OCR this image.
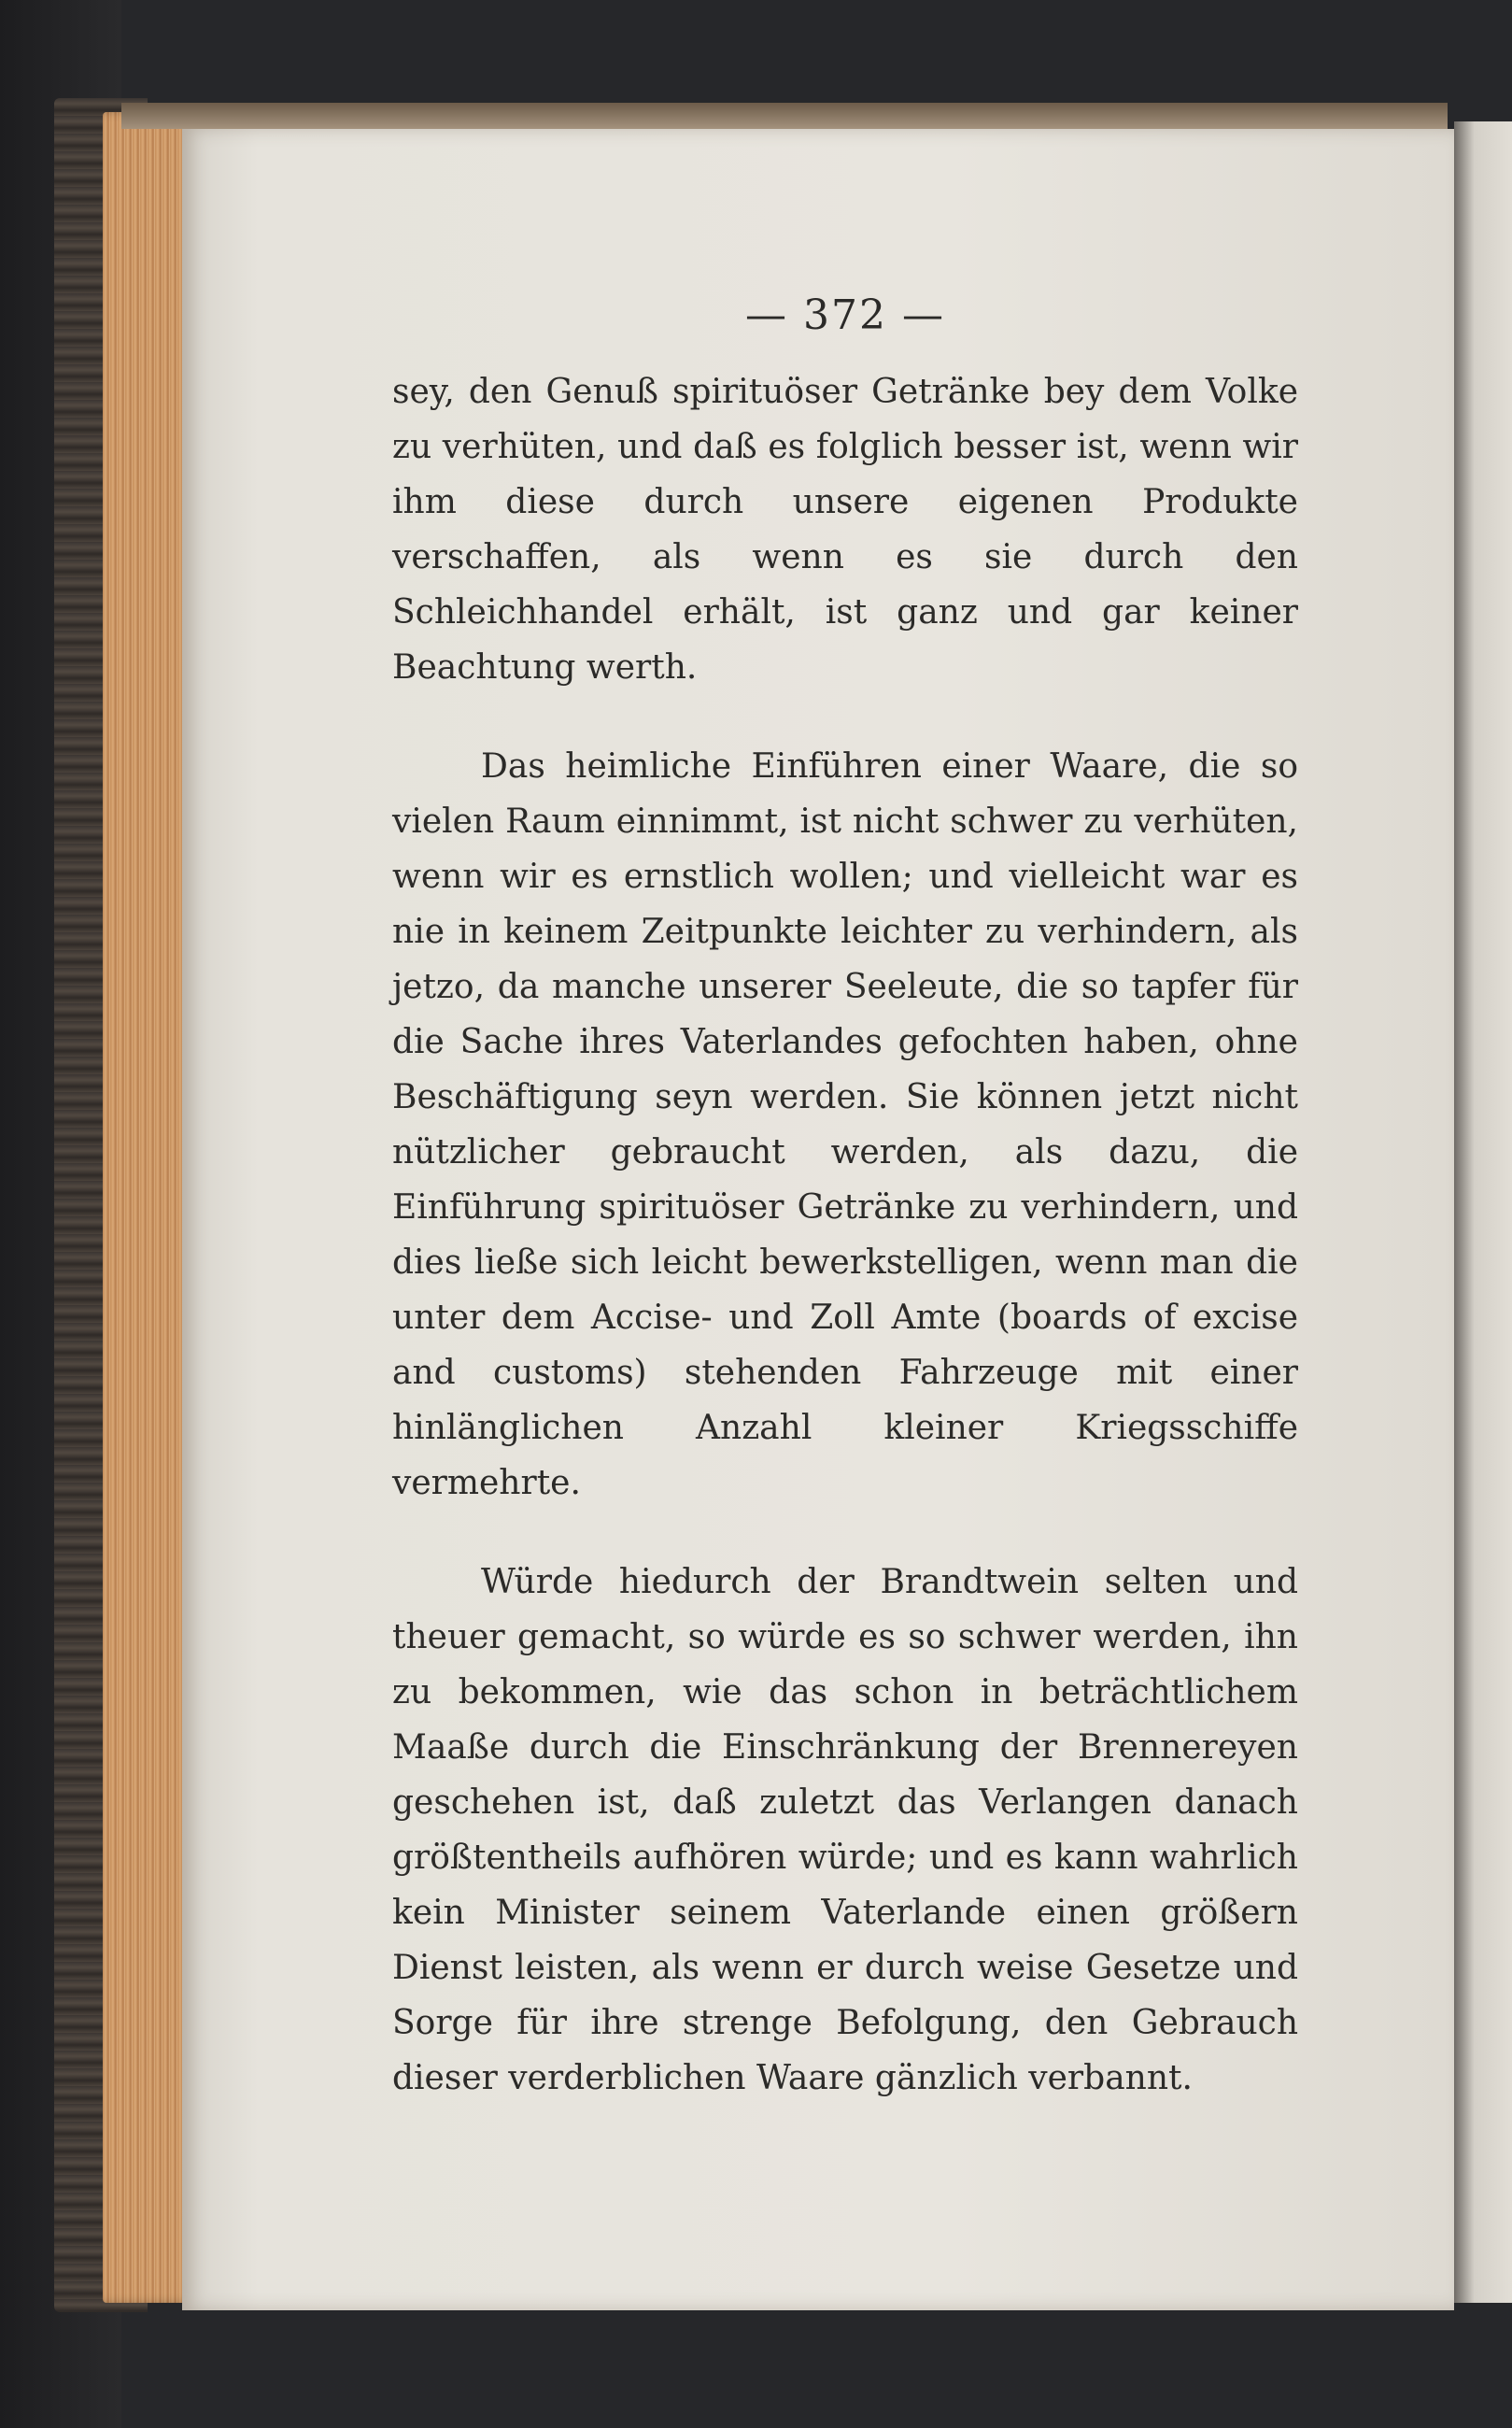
— 372 —

sey, den Genuß spirituöser Getränke bey dem Volke zu verhüten, und daß es folglich besser ist, wenn wir ihm diese durch unsere eigenen Produkte verschaffen, als wenn es sie durch den Schleichhandel erhält, ist ganz und gar keiner Beachtung werth.

Das heimliche Einführen einer Waare, die so vielen Raum einnimmt, ist nicht schwer zu verhüten, wenn wir es ernstlich wollen; und vielleicht war es nie in keinem Zeitpunkte leichter zu verhindern, als jetzo, da manche unserer Seeleute, die so tapfer für die Sache ihres Vaterlandes gefochten haben, ohne Beschäftigung seyn werden. Sie können jetzt nicht nützlicher gebraucht werden, als dazu, die Einführung spirituöser Getränke zu verhindern, und dies ließe sich leicht bewerkstelligen, wenn man die unter dem Accise- und Zoll Amte (boards of excise and customs) stehenden Fahrzeuge mit einer hinlänglichen Anzahl kleiner Kriegsschiffe vermehrte.

Würde hiedurch der Brandtwein selten und theuer gemacht, so würde es so schwer werden, ihn zu bekommen, wie das schon in beträchtlichem Maaße durch die Einschränkung der Brennereyen geschehen ist, daß zuletzt das Verlangen danach größtentheils aufhören würde; und es kann wahrlich kein Minister seinem Vaterlande einen größern Dienst leisten, als wenn er durch weise Gesetze und Sorge für ihre strenge Befolgung, den Gebrauch dieser verderblichen Waare gänzlich verbannt.
